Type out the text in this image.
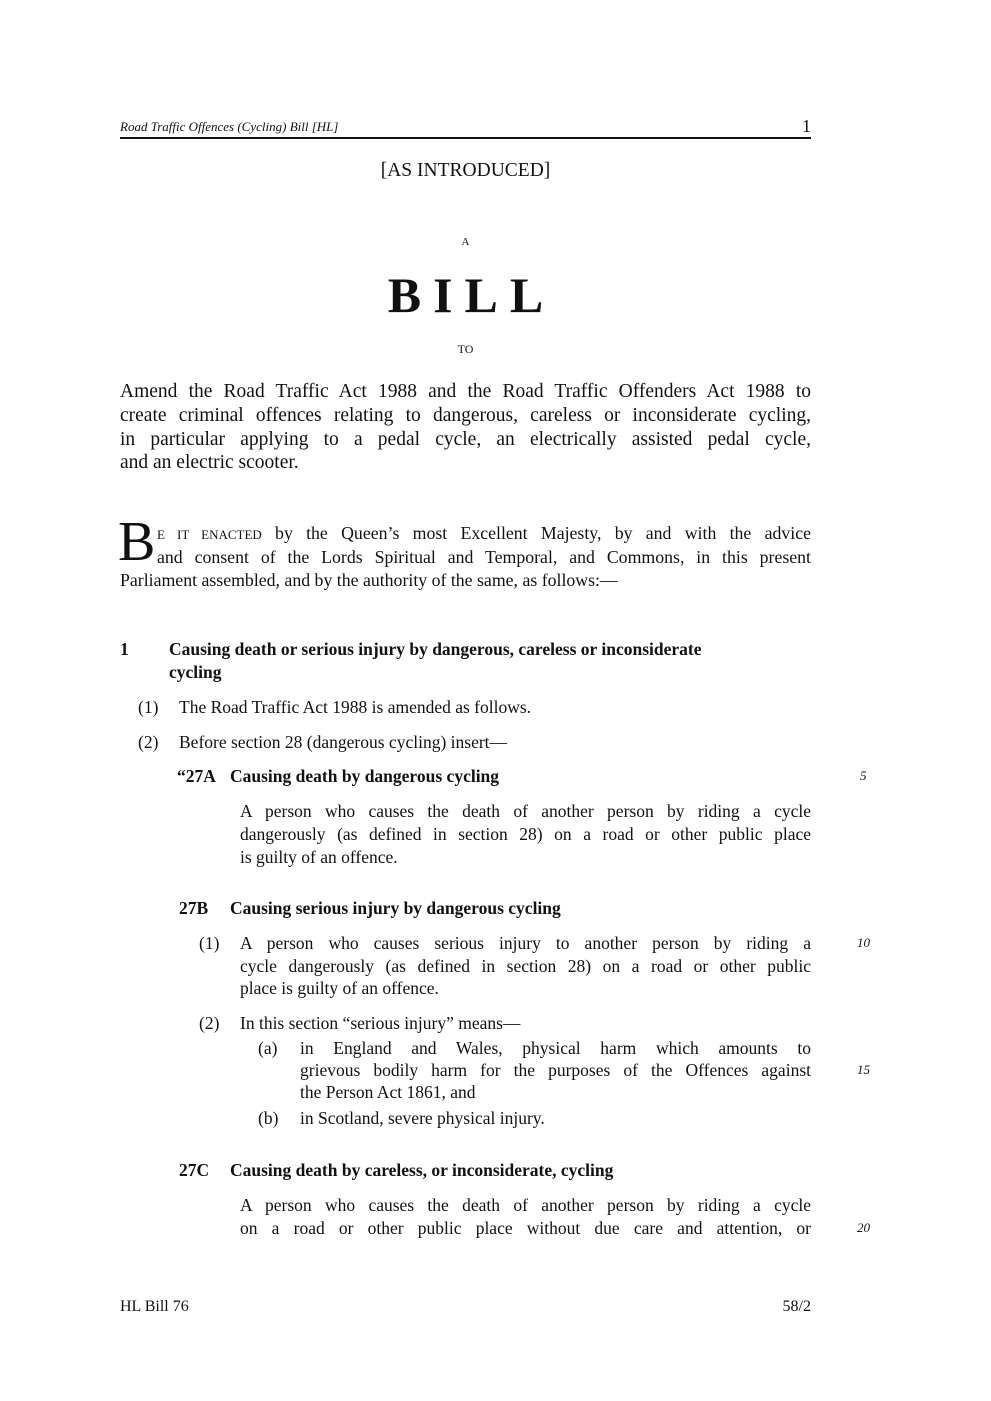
Road Traffic Offences (Cycling) Bill [HL]	1
[AS INTRODUCED]
A
BILL
TO
Amend the Road Traffic Act 1988 and the Road Traffic Offenders Act 1988 to
create criminal offences relating to dangerous, careless or inconsiderate cycling,
in particular applying to a pedal cycle, an electrically assisted pedal cycle,
and an electric scooter.
B E IT ENACTED by the Queen’s most Excellent Majesty, by and with the advice
and consent of the Lords Spiritual and Temporal, and Commons, in this present
Parliament assembled, and by the authority of the same, as follows:—
1 Causing death or serious injury by dangerous, careless or inconsiderate
cycling
(1) The Road Traffic Act 1988 is amended as follows.
(2) Before section 28 (dangerous cycling) insert—
“27A Causing death by dangerous cycling	5
A person who causes the death of another person by riding a cycle
dangerously (as defined in section 28) on a road or other public place
is guilty of an offence.
27B Causing serious injury by dangerous cycling
(1)	10
A person who causes serious injury to another person by riding a
cycle dangerously (as defined in section 28) on a road or other public
place is guilty of an offence.
(2) In this section “serious injury” means—
(a) in England and Wales, physical harm which amounts to
grievous bodily harm for the purposes of the Offences against	15
the Person Act 1861, and
(b) in Scotland, severe physical injury.
27C Causing death by careless, or inconsiderate, cycling
A person who causes the death of another person by riding a cycle
on a road or other public place without due care and attention, or	20
HL Bill 76	58/2
